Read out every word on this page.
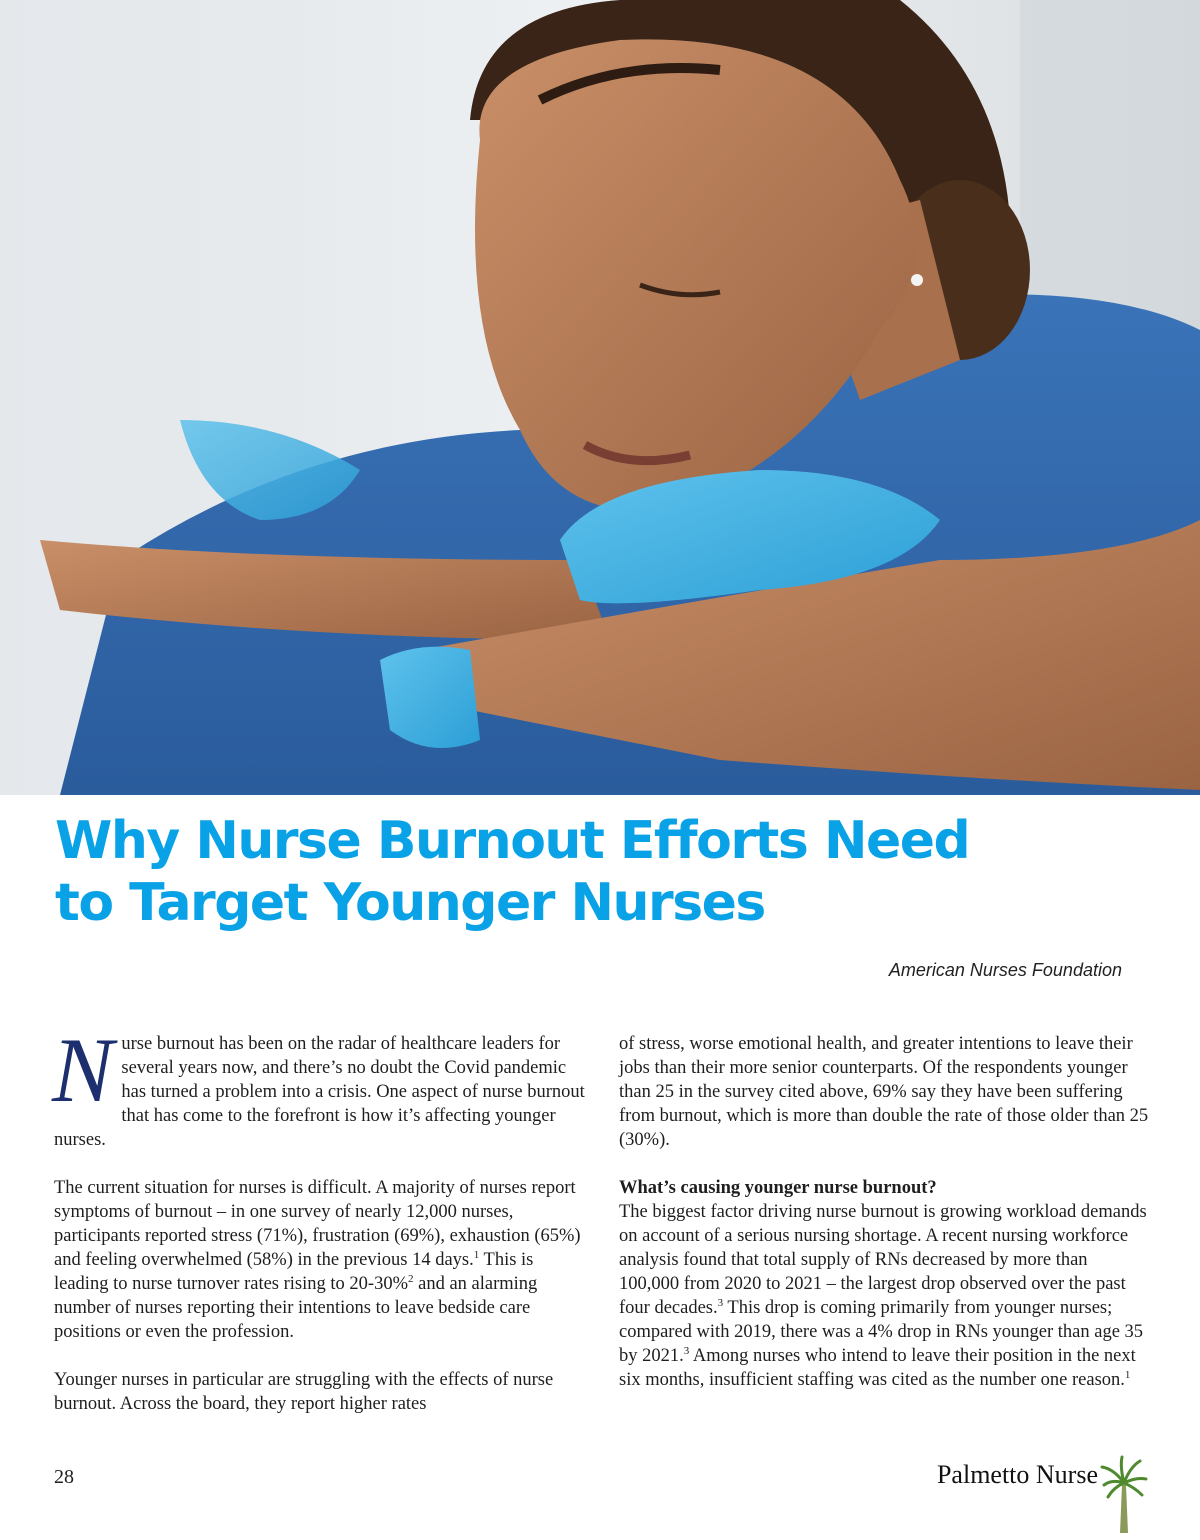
Why Nurse Burnout Efforts Need
to Target Younger Nurses
American Nurses Foundation

Nurse burnout has been on the radar of healthcare leaders for several years now, and there’s no doubt the Covid pandemic has turned a problem into a crisis. One aspect of nurse burnout that has come to the forefront is how it’s affecting younger nurses.

The current situation for nurses is difficult. A majority of nurses report symptoms of burnout – in one survey of nearly 12,000 nurses, participants reported stress (71%), frustration (69%), exhaustion (65%) and feeling overwhelmed (58%) in the previous 14 days.$^1$ This is leading to nurse turnover rates rising to 20-30%$^2$ and an alarming number of nurses reporting their intentions to leave bedside care positions or even the profession.

Younger nurses in particular are struggling with the effects of nurse burnout. Across the board, they report higher rates

of stress, worse emotional health, and greater intentions to leave their jobs than their more senior counterparts. Of the respondents younger than 25 in the survey cited above, 69% say they have been suffering from burnout, which is more than double the rate of those older than 25 (30%).

What’s causing younger nurse burnout?
The biggest factor driving nurse burnout is growing workload demands on account of a serious nursing shortage. A recent nursing workforce analysis found that total supply of RNs decreased by more than 100,000 from 2020 to 2021 – the largest drop observed over the past four decades.$^3$ This drop is coming primarily from younger nurses; compared with 2019, there was a 4% drop in RNs younger than age 35 by 2021.$^3$ Among nurses who intend to leave their position in the next six months, insufficient staffing was cited as the number one reason.$^1$

28	Palmetto Nurse
